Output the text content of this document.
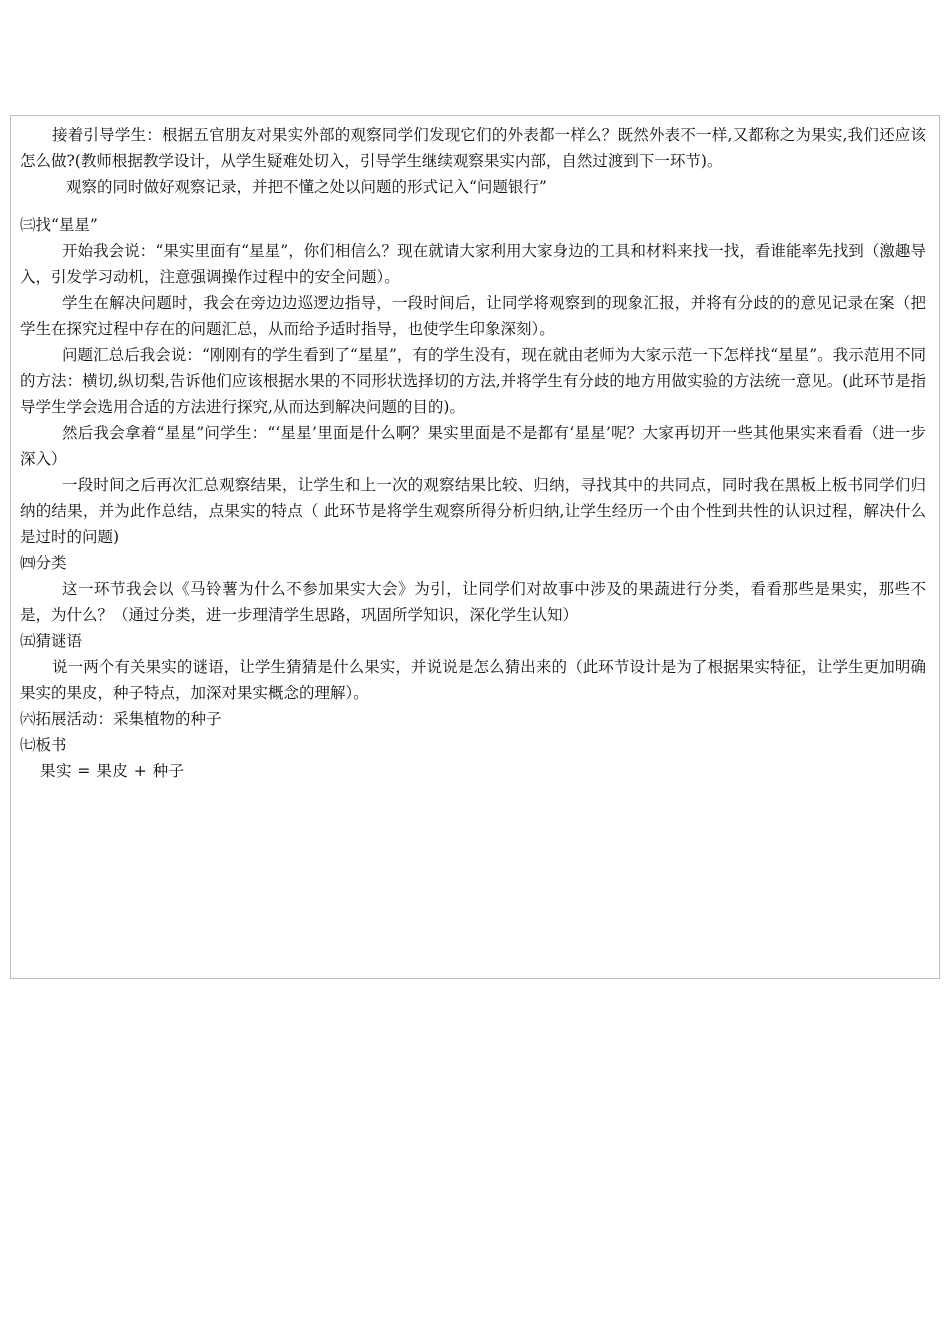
接着引导学生：根据五官朋友对果实外部的观察同学们发现它们的外表都一样么？既然外表不一样,又都称之为果实,我们还应该怎么做?(教师根据教学设计，从学生疑难处切入，引导学生继续观察果实内部，自然过渡到下一环节)。

观察的同时做好观察记录，并把不懂之处以问题的形式记入“问题银行”

㈢找“星星”

开始我会说：“果实里面有“星星”，你们相信么？现在就请大家利用大家身边的工具和材料来找一找，看谁能率先找到（激趣导入，引发学习动机，注意强调操作过程中的安全问题）。

学生在解决问题时，我会在旁边边巡逻边指导，一段时间后，让同学将观察到的现象汇报，并将有分歧的的意见记录在案（把学生在探究过程中存在的问题汇总，从而给予适时指导，也使学生印象深刻）。

问题汇总后我会说：“刚刚有的学生看到了“星星”，有的学生没有，现在就由老师为大家示范一下怎样找“星星”。我示范用不同的方法：横切,纵切梨,告诉他们应该根据水果的不同形状选择切的方法,并将学生有分歧的地方用做实验的方法统一意见。(此环节是指导学生学会选用合适的方法进行探究,从而达到解决问题的目的)。

然后我会拿着“星星”问学生：“‘星星’里面是什么啊？果实里面是不是都有‘星星’呢？大家再切开一些其他果实来看看（进一步深入）

一段时间之后再次汇总观察结果，让学生和上一次的观察结果比较、归纳，寻找其中的共同点，同时我在黑板上板书同学们归纳的结果，并为此作总结，点果实的特点（ 此环节是将学生观察所得分析归纳,让学生经历一个由个性到共性的认识过程，解决什么是过时的问题)

㈣分类

这一环节我会以《马铃薯为什么不参加果实大会》为引，让同学们对故事中涉及的果蔬进行分类，看看那些是果实，那些不是，为什么？（通过分类，进一步理清学生思路，巩固所学知识，深化学生认知）

㈤猜谜语

说一两个有关果实的谜语，让学生猜猜是什么果实，并说说是怎么猜出来的（此环节设计是为了根据果实特征，让学生更加明确果实的果皮，种子特点，加深对果实概念的理解）。

㈥拓展活动：采集植物的种子

㈦板书

果实 = 果皮 + 种子
